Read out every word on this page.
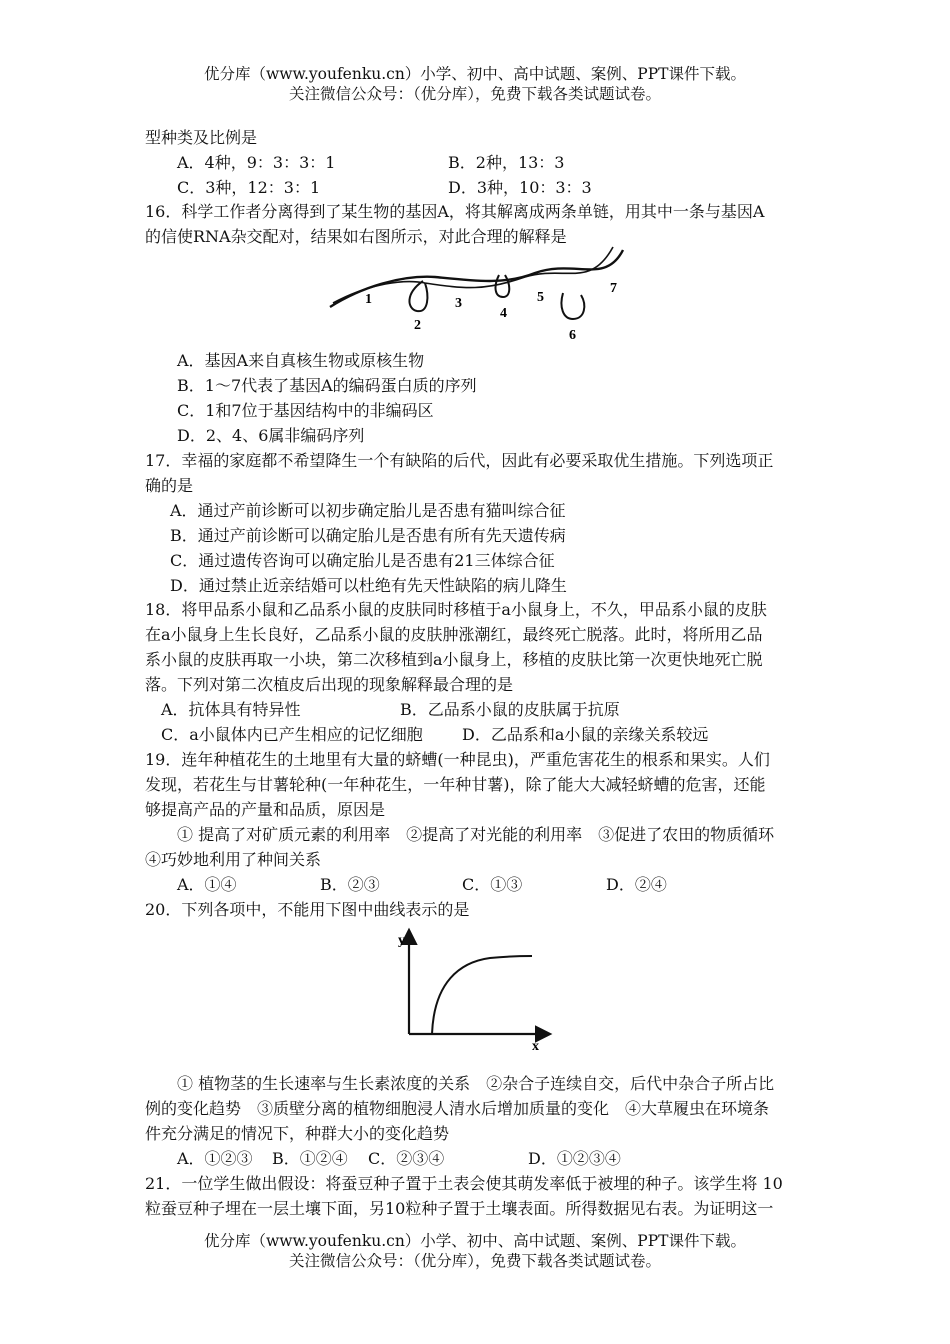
优分库（www.youfenku.cn）小学、初中、高中试题、案例、PPT课件下载。
关注微信公众号：（优分库），免费下载各类试题试卷。
型种类及比例是
A．4种，9：3：3：1	B．2种，13：3
C．3种，12：3：1	D．3种，10：3：3
16．科学工作者分离得到了某生物的基因A，将其解离成两条单链，用其中一条与基因A
的信使RNA杂交配对，结果如右图所示，对此合理的解释是
1
2
3
4
5
6
7
A．基因A来自真核生物或原核生物
B．1～7代表了基因A的编码蛋白质的序列
C．1和7位于基因结构中的非编码区
D．2、4、6属非编码序列
17．幸福的家庭都不希望降生一个有缺陷的后代，因此有必要采取优生措施。下列选项正
确的是
A．通过产前诊断可以初步确定胎儿是否患有猫叫综合征
B．通过产前诊断可以确定胎儿是否患有所有先天遗传病
C．通过遗传咨询可以确定胎儿是否患有21三体综合征
D．通过禁止近亲结婚可以杜绝有先天性缺陷的病儿降生
18．将甲品系小鼠和乙品系小鼠的皮肤同时移植于a小鼠身上，不久，甲品系小鼠的皮肤
在a小鼠身上生长良好，乙品系小鼠的皮肤肿涨潮红，最终死亡脱落。此时，将所用乙品
系小鼠的皮肤再取一小块，第二次移植到a小鼠身上，移植的皮肤比第一次更快地死亡脱
落。下列对第二次植皮后出现的现象解释最合理的是
A．抗体具有特异性	B．乙品系小鼠的皮肤属于抗原
C．a小鼠体内已产生相应的记忆细胞 D．乙品系和a小鼠的亲缘关系较远
19．连年种植花生的土地里有大量的蛴螬(一种昆虫)，严重危害花生的根系和果实。人们
发现，若花生与甘薯轮种(一年种花生，一年种甘薯)，除了能大大减轻蛴螬的危害，还能
够提高产品的产量和品质，原因是
① 提高了对矿质元素的利用率　②提高了对光能的利用率　③促进了农田的物质循环
④巧妙地利用了种间关系
A．①④	B．②③	C．①③	D．②④
20．下列各项中，不能用下图中曲线表示的是
y
x
① 植物茎的生长速率与生长素浓度的关系　②杂合子连续自交，后代中杂合子所占比
例的变化趋势　③质壁分离的植物细胞浸人清水后增加质量的变化　④大草履虫在环境条
件充分满足的情况下，种群大小的变化趋势
A．①②③ B．①②④ C．②③④	D．①②③④
21．一位学生做出假设：将蚕豆种子置于土表会使其萌发率低于被埋的种子。该学生将 10
粒蚕豆种子埋在一层土壤下面，另10粒种子置于土壤表面。所得数据见右表。为证明这一
优分库（www.youfenku.cn）小学、初中、高中试题、案例、PPT课件下载。
关注微信公众号：（优分库），免费下载各类试题试卷。
